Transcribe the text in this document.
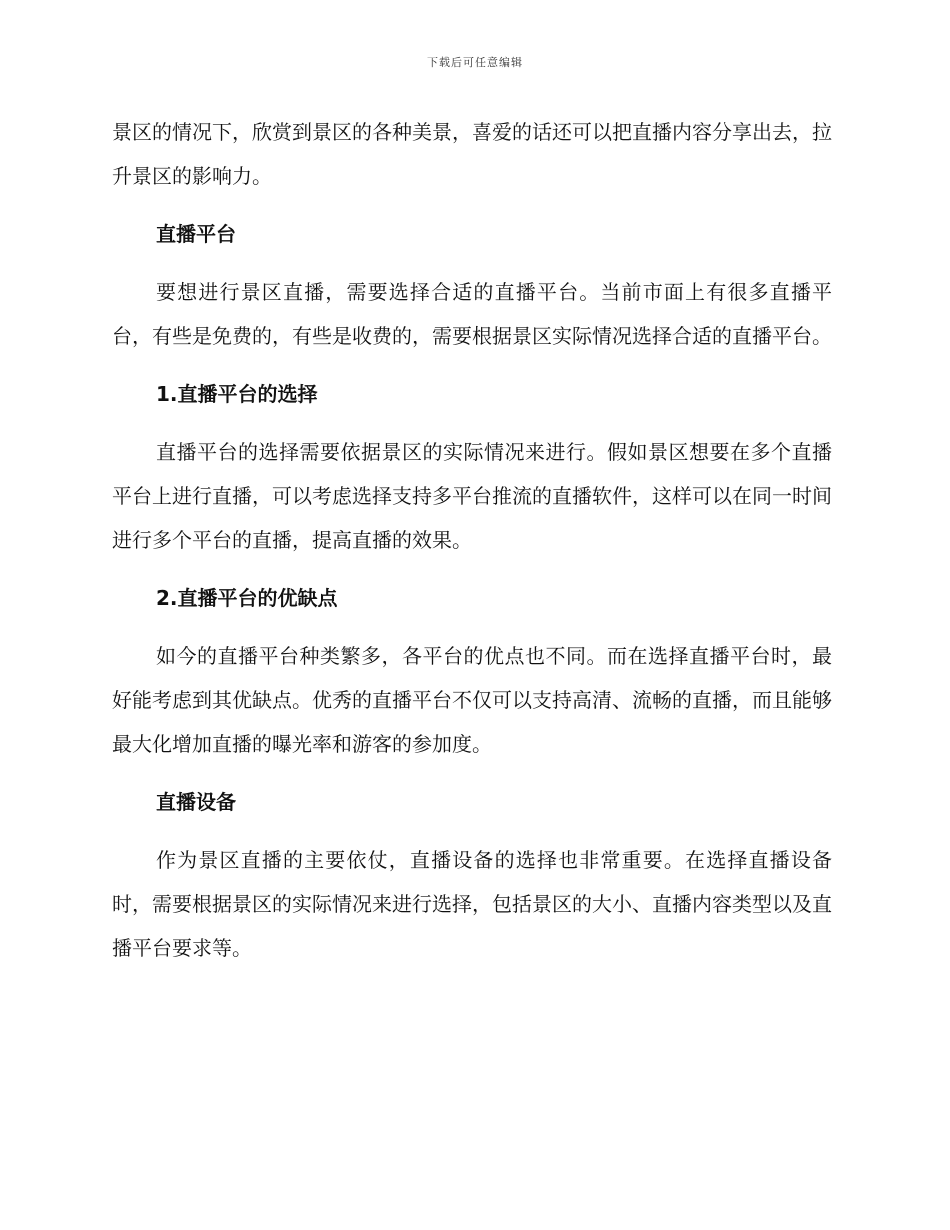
下载后可任意编辑

景区的情况下，欣赏到景区的各种美景，喜爱的话还可以把直播内容分享出去，拉升景区的影响力。

直播平台

要想进行景区直播，需要选择合适的直播平台。当前市面上有很多直播平台，有些是免费的，有些是收费的，需要根据景区实际情况选择合适的直播平台。

1.直播平台的选择

直播平台的选择需要依据景区的实际情况来进行。假如景区想要在多个直播平台上进行直播，可以考虑选择支持多平台推流的直播软件，这样可以在同一时间进行多个平台的直播，提高直播的效果。

2.直播平台的优缺点

如今的直播平台种类繁多，各平台的优点也不同。而在选择直播平台时，最好能考虑到其优缺点。优秀的直播平台不仅可以支持高清、流畅的直播，而且能够最大化增加直播的曝光率和游客的参加度。

直播设备

作为景区直播的主要依仗，直播设备的选择也非常重要。在选择直播设备时，需要根据景区的实际情况来进行选择，包括景区的大小、直播内容类型以及直播平台要求等。
